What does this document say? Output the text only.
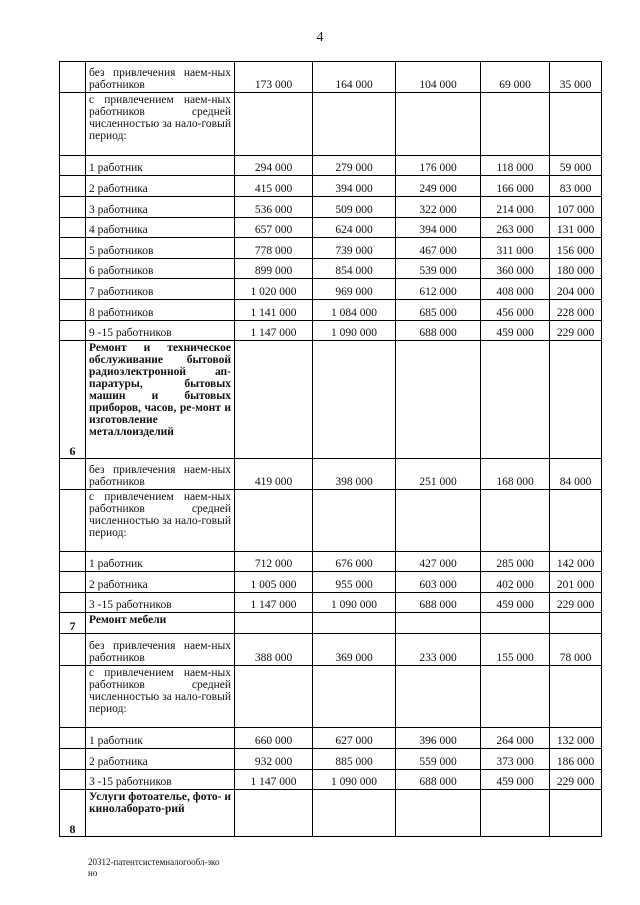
4
	без привлечения наем-ных работников	173 000	164 000	104 000	69 000	35 000
	с привлечением наем-ных работников средней численностью за нало-говый период:					
	1 работник	294 000	279 000	176 000	118 000	59 000
	2 работника	415 000	394 000	249 000	166 000	83 000
	3 работника	536 000	509 000	322 000	214 000	107 000
	4 работника	657 000	624 000	394 000	263 000	131 000
	5 работников	778 000	739 000	467 000	311 000	156 000
	6 работников	899 000	854 000	539 000	360 000	180 000
	7 работников	1 020 000	969 000	612 000	408 000	204 000
	8 работников	1 141 000	1 084 000	685 000	456 000	228 000
	9 -15 работников	1 147 000	1 090 000	688 000	459 000	229 000
6	Ремонт и техническое обслуживание бытовой радиоэлектронной ап-паратуры, бытовых машин и бытовых приборов, часов, ре-монт и изготовление металлоизделий					
	без привлечения наем-ных работников	419 000	398 000	251 000	168 000	84 000
	с привлечением наем-ных работников средней численностью за нало-говый период:					
	1 работник	712 000	676 000	427 000	285 000	142 000
	2 работника	1 005 000	955 000	603 000	402 000	201 000
	3 -15 работников	1 147 000	1 090 000	688 000	459 000	229 000
7	Ремонт мебели					
	без привлечения наем-ных работников	388 000	369 000	233 000	155 000	78 000
	с привлечением наем-ных работников средней численностью за нало-говый период:					
	1 работник	660 000	627 000	396 000	264 000	132 000
	2 работника	932 000	885 000	559 000	373 000	186 000
	3 -15 работников	1 147 000	1 090 000	688 000	459 000	229 000
8	Услуги фотоателье, фото- и кинолаборато-рий					
20312-патентсистемналогообл-зко
но
